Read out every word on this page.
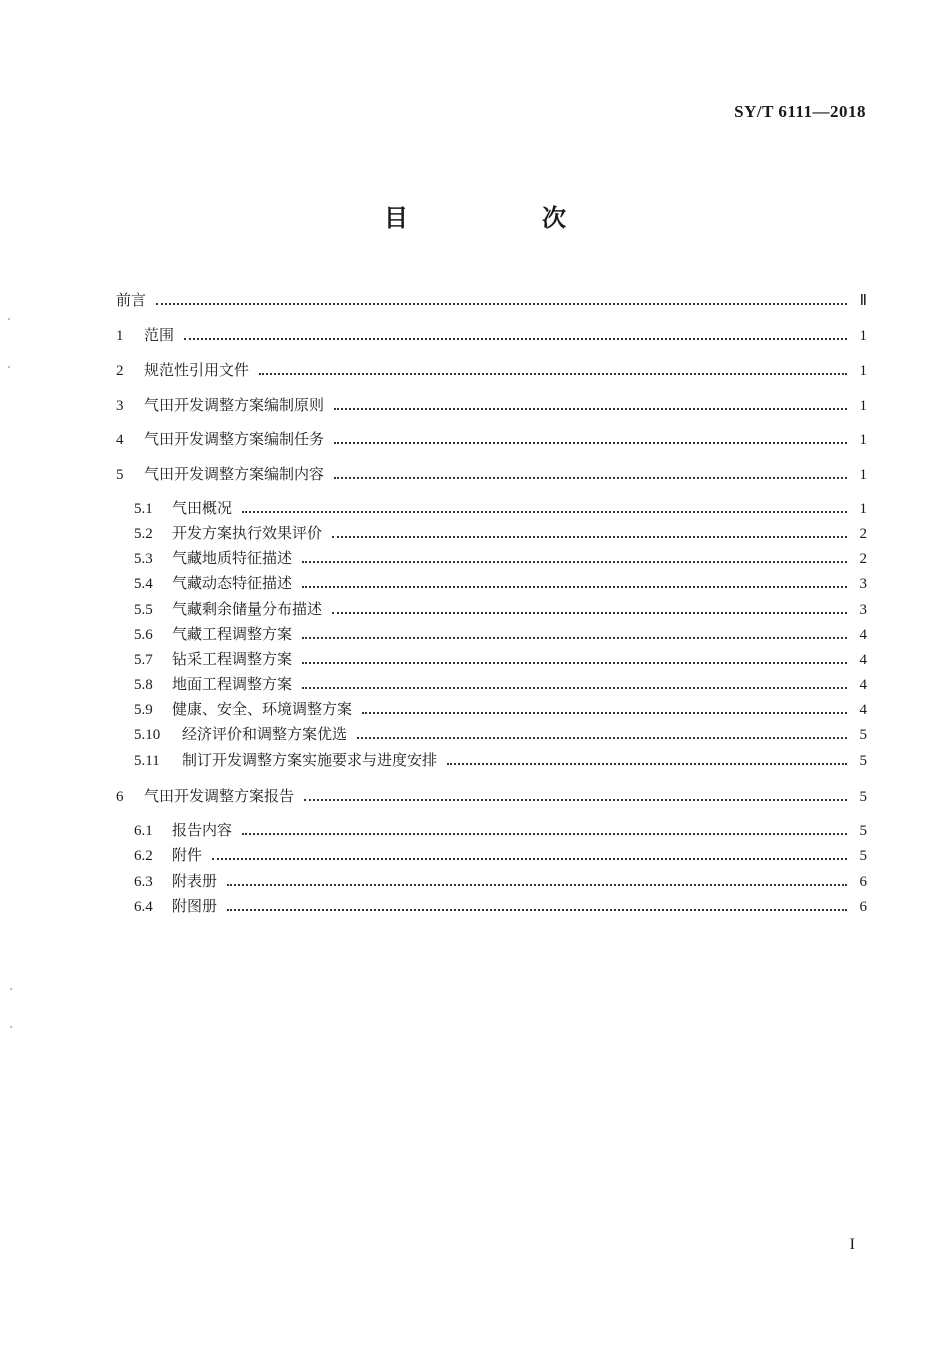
SY/T 6111—2018
目　次
前言	Ⅱ
1	范围	1
2	规范性引用文件	1
3	气田开发调整方案编制原则	1
4	气田开发调整方案编制任务	1
5	气田开发调整方案编制内容	1
5.1	气田概况	1
5.2	开发方案执行效果评价	2
5.3	气藏地质特征描述	2
5.4	气藏动态特征描述	3
5.5	气藏剩余储量分布描述	3
5.6	气藏工程调整方案	4
5.7	钻采工程调整方案	4
5.8	地面工程调整方案	4
5.9	健康、安全、环境调整方案	4
5.10	经济评价和调整方案优选	5
5.11	制订开发调整方案实施要求与进度安排	5
6	气田开发调整方案报告	5
6.1	报告内容	5
6.2	附件	5
6.3	附表册	6
6.4	附图册	6
I
